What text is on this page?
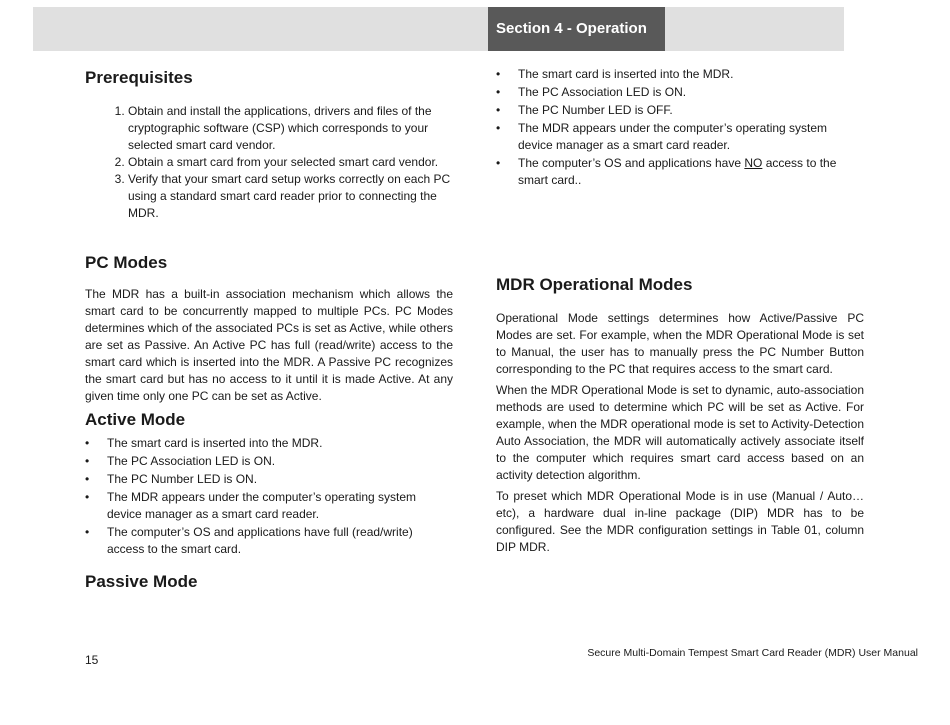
Section 4 - Operation
Prerequisites
1. Obtain and install the applications, drivers and files of the cryptographic software (CSP) which corresponds to your selected smart card vendor.
2. Obtain a smart card from your selected smart card vendor.
3. Verify that your smart card setup works correctly on each PC using a standard smart card reader prior to connecting the MDR.
PC Modes

The MDR has a built-in association mechanism which allows the smart card to be concurrently mapped to multiple PCs. PC Modes determines which of the associated PCs is set as Active, while others are set as Passive. An Active PC has full (read/write) access to the smart card which is inserted into the MDR. A Passive PC recognizes the smart card but has no access to it until it is made Active. At any given time only one PC can be set as Active.

Active Mode
• The smart card is inserted into the MDR.
• The PC Association LED is ON.
• The PC Number LED is ON.
• The MDR appears under the computer’s operating system device manager as a smart card reader.
• The computer’s OS and applications have full (read/write) access to the smart card.
Passive Mode
• The smart card is inserted into the MDR.
• The PC Association LED is ON.
• The PC Number LED is OFF.
• The MDR appears under the computer’s operating system device manager as a smart card reader.
• The computer’s OS and applications have NO access to the smart card..
MDR Operational Modes

Operational Mode settings determines how Active/Passive PC Modes are set. For example, when the MDR Operational Mode is set to Manual, the user has to manually press the PC Number Button corresponding to the PC that requires access to the smart card.

When the MDR Operational Mode is set to dynamic, auto-association methods are used to determine which PC will be set as Active. For example, when the MDR operational mode is set to Activity-Detection Auto Association, the MDR will automatically actively associate itself to the computer which requires smart card access based on an activity detection algorithm.

To preset which MDR Operational Mode is in use (Manual / Auto…etc), a hardware dual in-line package (DIP) MDR has to be configured. See the MDR configuration settings in Table 01, column DIP MDR.

15	Secure Multi-Domain Tempest Smart Card Reader (MDR) User Manual
